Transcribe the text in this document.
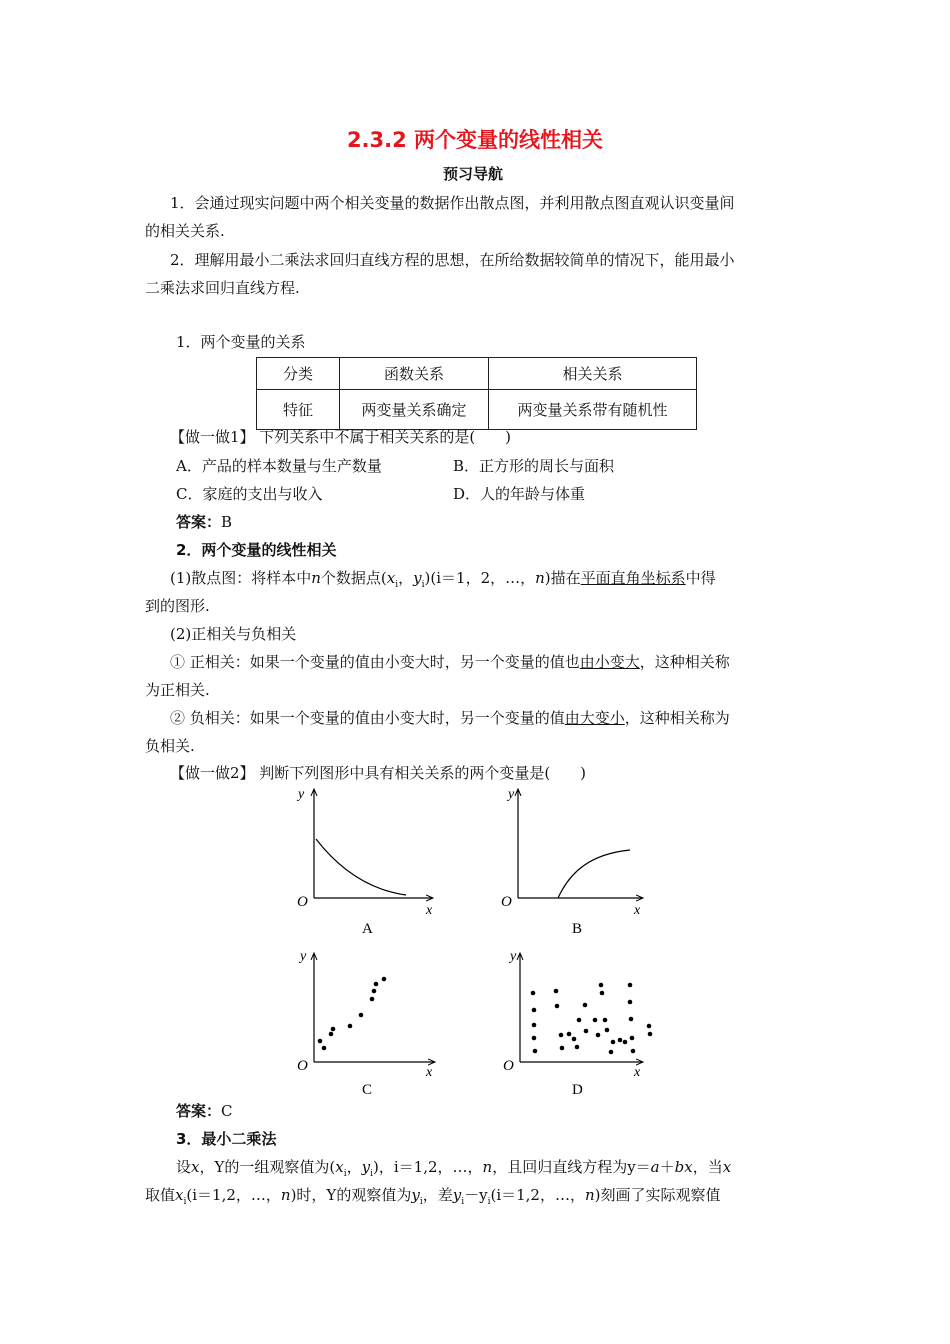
2.3.2 两个变量的线性相关
预习导航
1．会通过现实问题中两个相关变量的数据作出散点图，并利用散点图直观认识变量间
的相关关系.
2．理解用最小二乘法求回归直线方程的思想，在所给数据较简单的情况下，能用最小
二乘法求回归直线方程.
1．两个变量的关系
分类	函数关系	相关关系
特征	两变量关系确定	两变量关系带有随机性
【做一做1】 下列关系中不属于相关关系的是(　　)
A．产品的样本数量与生产数量	B．正方形的周长与面积
C．家庭的支出与收入	D．人的年龄与体重
答案：B
2．两个变量的线性相关
(1)散点图：将样本中n个数据点($x_i$，$y_i)(i=1$，2，…，n)描在平面直角坐标系中得
到的图形.
(2)正相关与负相关
① 正相关：如果一个变量的值由小变大时，另一个变量的值也由小变大，这种相关称
为正相关.
② 负相关：如果一个变量的值由小变大时，另一个变量的值由大变小，这种相关称为
负相关.
【做一做2】 判断下列图形中具有相关关系的两个变量是(　　)
y
x
O
A
y
x
O
B
y
x
O
C
y
x
O
D
答案：C
3．最小二乘法
设x，Y的一组观察值为($x_i$，$y_i$)，i＝1,2，…，n，且回归直线方程为y＝a＋bx，当x
取值$x_i(i=1,2$，…，n)时，Y的观察值为$y_i$，差$y_i-y_i(i=1,2$，…，n)刻画了实际观察值
